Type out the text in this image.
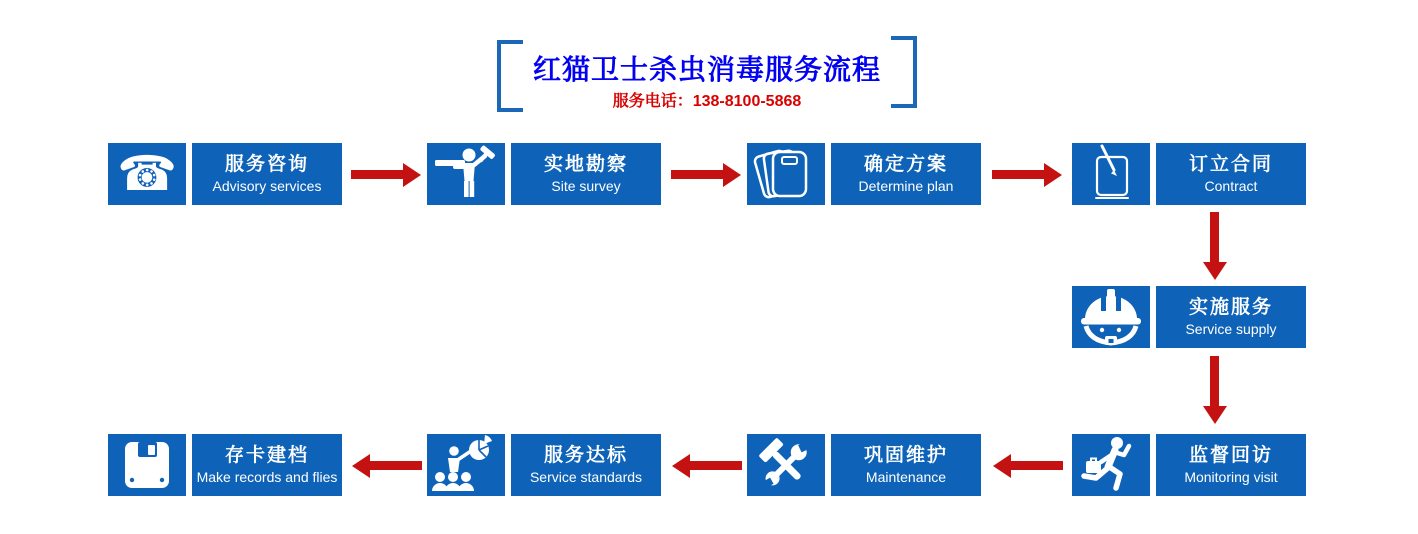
红猫卫士杀虫消毒服务流程
服务电话：138-8100-5868
☎	服务咨询
Advisory services
实地勘察
Site survey
确定方案
Determine plan
订立合同
Contract
实施服务
Service supply
监督回访
Monitoring visit
巩固维护
Maintenance
服务达标
Service standards
存卡建档
Make records and flies
